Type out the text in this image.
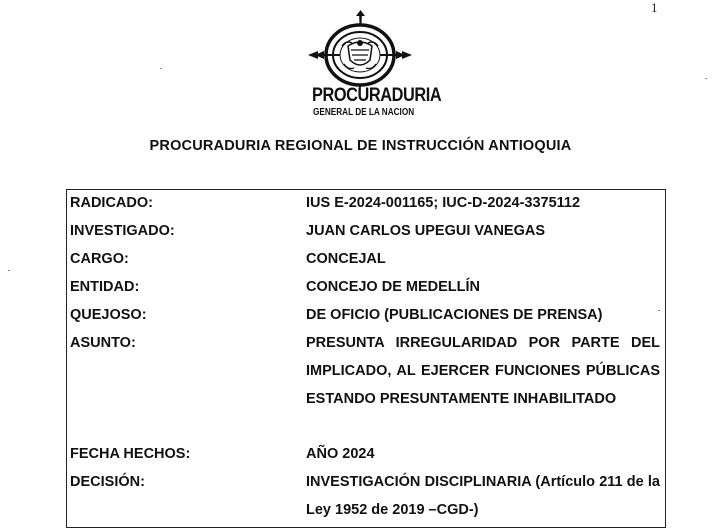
1
PROCURADURIA
GENERAL DE LA NACION
PROCURADURIA REGIONAL DE INSTRUCCIÓN ANTIOQUIA
RADICADO:	IUS E-2024-001165; IUC-D-2024-3375112
INVESTIGADO:	JUAN CARLOS UPEGUI VANEGAS
CARGO:	CONCEJAL
ENTIDAD:	CONCEJO DE MEDELLÍN
QUEJOSO:	DE OFICIO (PUBLICACIONES DE PRENSA)
ASUNTO:	PRESUNTA IRREGULARIDAD POR PARTE DEL IMPLICADO, AL EJERCER FUNCIONES PÚBLICAS ESTANDO PRESUNTAMENTE INHABILITADO
FECHA HECHOS:	AÑO 2024
DECISIÓN:	INVESTIGACIÓN DISCIPLINARIA (Artículo 211 de la Ley 1952 de 2019 –CGD-)
